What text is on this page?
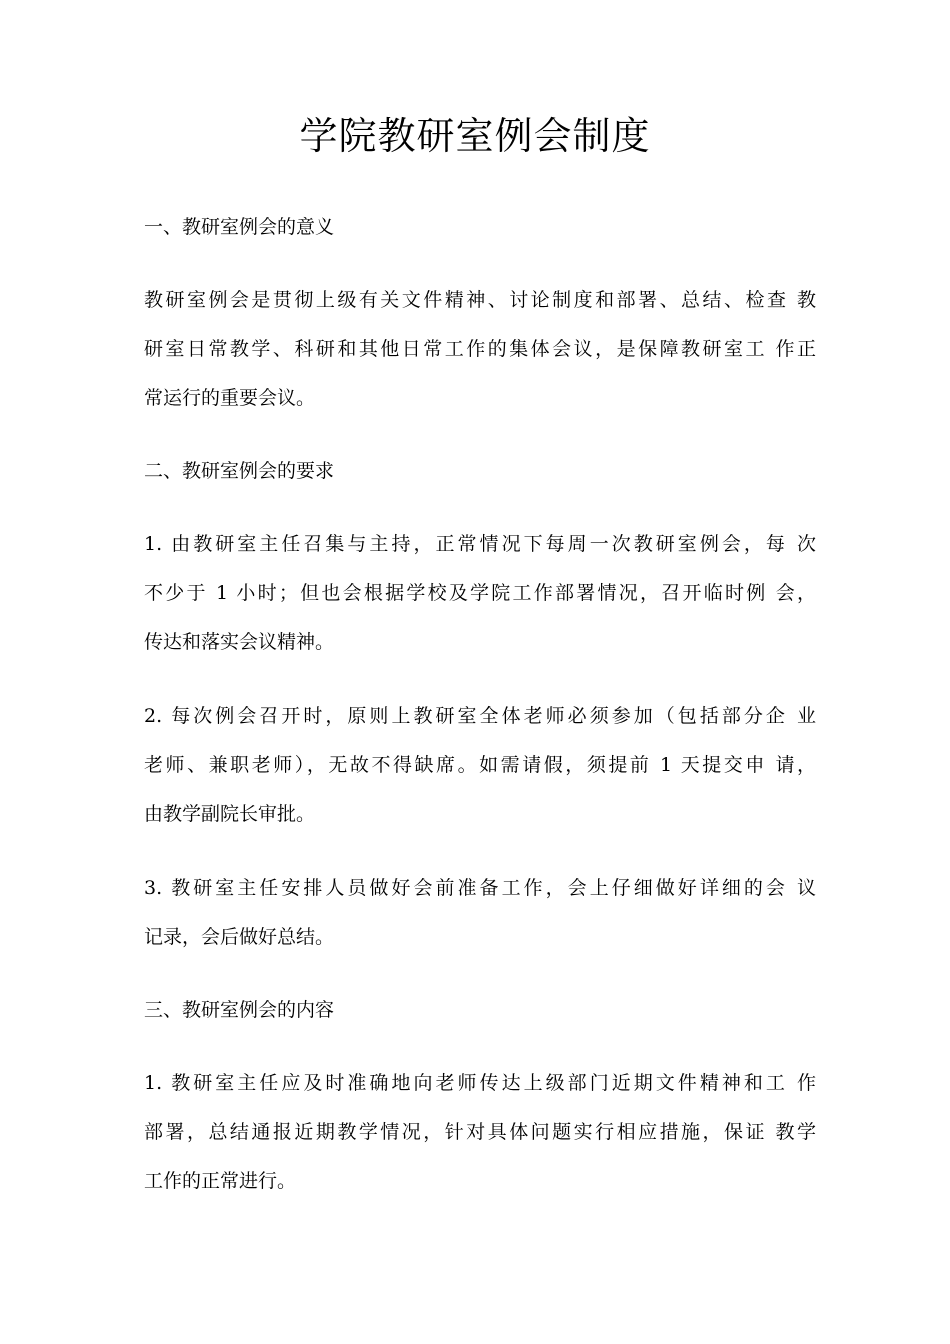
学院教研室例会制度
一、教研室例会的意义
教研室例会是贯彻上级有关文件精神、讨论制度和部署、总结、检查 教
研室日常教学、科研和其他日常工作的集体会议，是保障教研室工 作正
常运行的重要会议。
二、教研室例会的要求
1. 由教研室主任召集与主持，正常情况下每周一次教研室例会，每 次
不少于 1 小时；但也会根据学校及学院工作部署情况，召开临时例 会，
传达和落实会议精神。
2. 每次例会召开时，原则上教研室全体老师必须参加（包括部分企 业
老师、兼职老师），无故不得缺席。如需请假，须提前 1 天提交申 请，
由教学副院长审批。
3. 教研室主任安排人员做好会前准备工作，会上仔细做好详细的会 议
记录，会后做好总结。
三、教研室例会的内容
1. 教研室主任应及时准确地向老师传达上级部门近期文件精神和工 作
部署，总结通报近期教学情况，针对具体问题实行相应措施，保证 教学
工作的正常进行。
